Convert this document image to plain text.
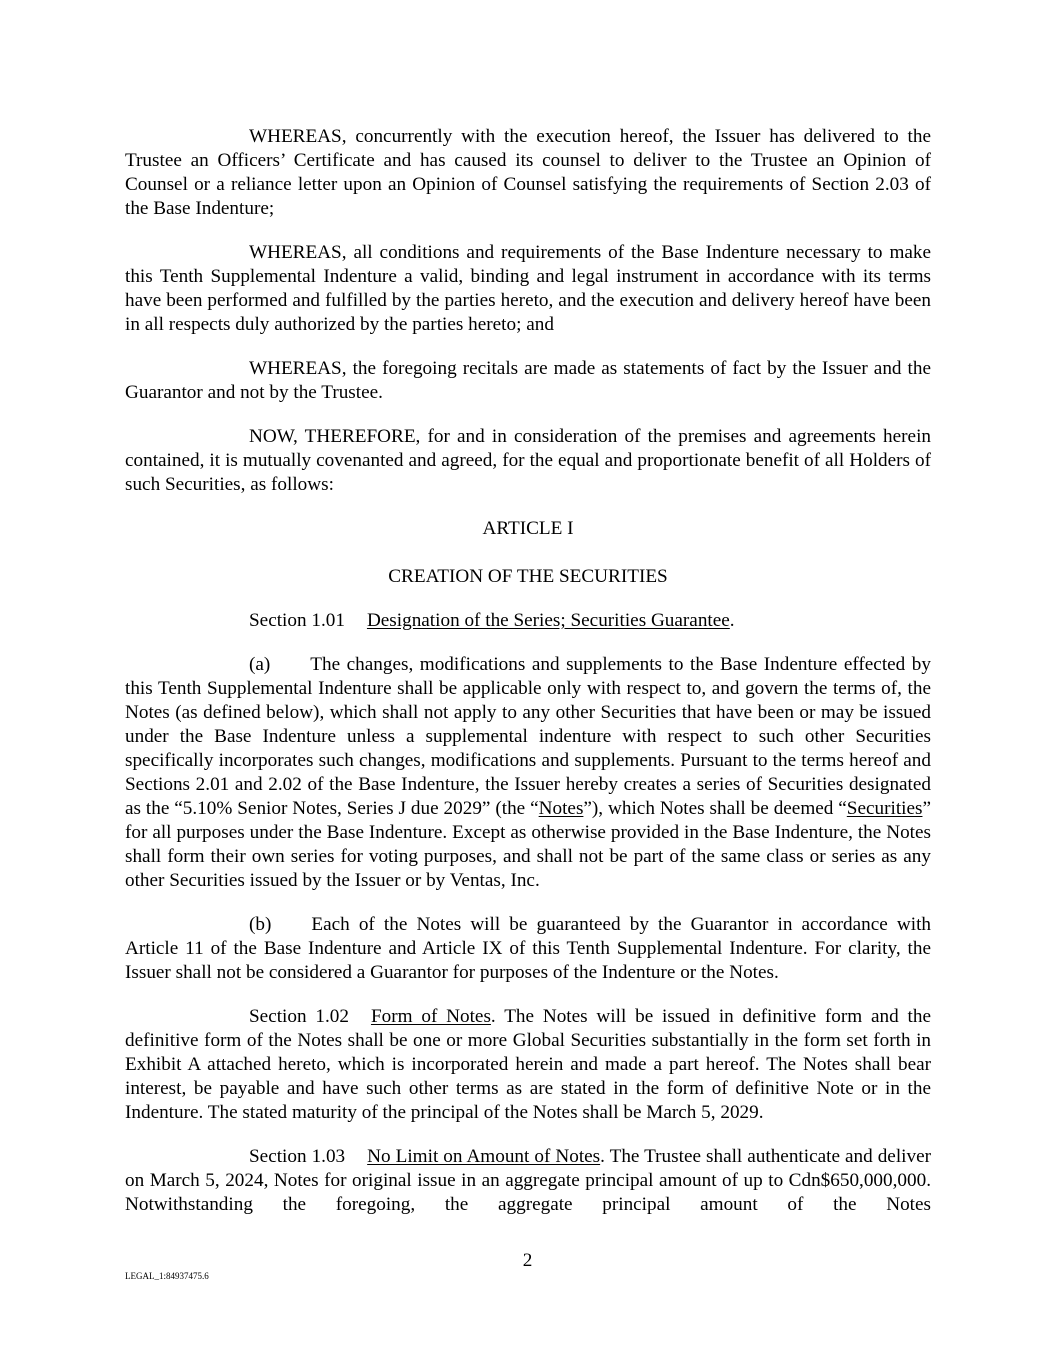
WHEREAS, concurrently with the execution hereof, the Issuer has delivered to the Trustee an Officers’ Certificate and has caused its counsel to deliver to the Trustee an Opinion of Counsel or a reliance letter upon an Opinion of Counsel satisfying the requirements of Section 2.03 of the Base Indenture;

WHEREAS, all conditions and requirements of the Base Indenture necessary to make this Tenth Supplemental Indenture a valid, binding and legal instrument in accordance with its terms have been performed and fulfilled by the parties hereto, and the execution and delivery hereof have been in all respects duly authorized by the parties hereto; and

WHEREAS, the foregoing recitals are made as statements of fact by the Issuer and the Guarantor and not by the Trustee.

NOW, THEREFORE, for and in consideration of the premises and agreements herein contained, it is mutually covenanted and agreed, for the equal and proportionate benefit of all Holders of such Securities, as follows:

ARTICLE I

CREATION OF THE SECURITIES

Section 1.01 Designation of the Series; Securities Guarantee.

(a) The changes, modifications and supplements to the Base Indenture effected by this Tenth Supplemental Indenture shall be applicable only with respect to, and govern the terms of, the Notes (as defined below), which shall not apply to any other Securities that have been or may be issued under the Base Indenture unless a supplemental indenture with respect to such other Securities specifically incorporates such changes, modifications and supplements. Pursuant to the terms hereof and Sections 2.01 and 2.02 of the Base Indenture, the Issuer hereby creates a series of Securities designated as the “5.10% Senior Notes, Series J due 2029” (the “Notes”), which Notes shall be deemed “Securities” for all purposes under the Base Indenture. Except as otherwise provided in the Base Indenture, the Notes shall form their own series for voting purposes, and shall not be part of the same class or series as any other Securities issued by the Issuer or by Ventas, Inc.

(b) Each of the Notes will be guaranteed by the Guarantor in accordance with Article 11 of the Base Indenture and Article IX of this Tenth Supplemental Indenture. For clarity, the Issuer shall not be considered a Guarantor for purposes of the Indenture or the Notes.

Section 1.02 Form of Notes. The Notes will be issued in definitive form and the definitive form of the Notes shall be one or more Global Securities substantially in the form set forth in Exhibit A attached hereto, which is incorporated herein and made a part hereof. The Notes shall bear interest, be payable and have such other terms as are stated in the form of definitive Note or in the Indenture. The stated maturity of the principal of the Notes shall be March 5, 2029.

Section 1.03 No Limit on Amount of Notes. The Trustee shall authenticate and deliver on March 5, 2024, Notes for original issue in an aggregate principal amount of up to Cdn$650,000,000. Notwithstanding the foregoing, the aggregate principal amount of the Notes

2
LEGAL_1:84937475.6
